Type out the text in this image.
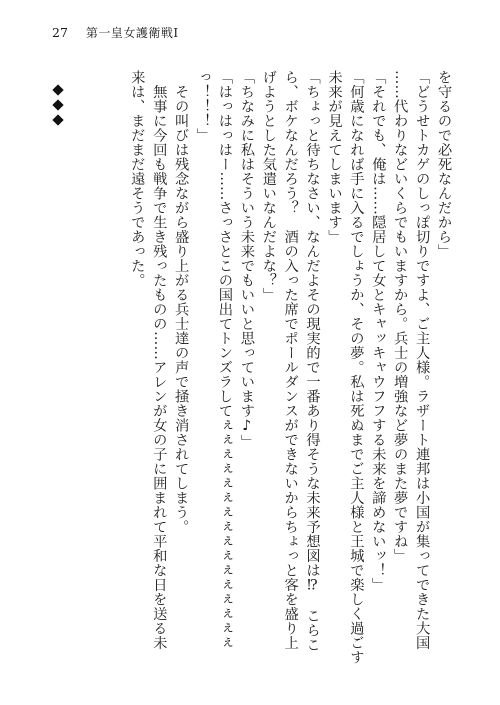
27 第一皇女護衛戦Ⅰ
を守るので必死なんだから」
「どうせトカゲのしっぽ切りですよ、ご主人様。ラザート連邦は小国が集ってできた大国
……代わりなどいくらでもいますから。兵士の増強など夢のまた夢ですね」
「それでも、俺は……隠居して女とキャッキャウフフする未来を諦めないッ！」
「何歳になれば手に入るでしょうか、その夢。私は死ぬまでご主人様と王城で楽しく過ごす
未来が見えてしまいます」
「ちょっと待ちなさい、なんだよその現実的で一番あり得そうな未来予想図は⁉　こらこ
ら、ボケなんだろう？　酒の入った席でポールダンスができないからちょっと客を盛り上
げようとした気遣いなんだよな？」
「ちなみに私はそういう未来でもいいと思っています♪」
「はっはっはー……さっさとこの国出てトンズラしてぇぇぇぇぇぇぇぇぇぇぇぇぇぇぇぇ
っ！！！」
　その叫びは残念ながら盛り上がる兵士達の声で掻き消されてしまう。
　無事に今回も戦争で生き残ったものの……アレンが女の子に囲まれて平和な日を送る未
来は、まだまだ遠そうであった。
